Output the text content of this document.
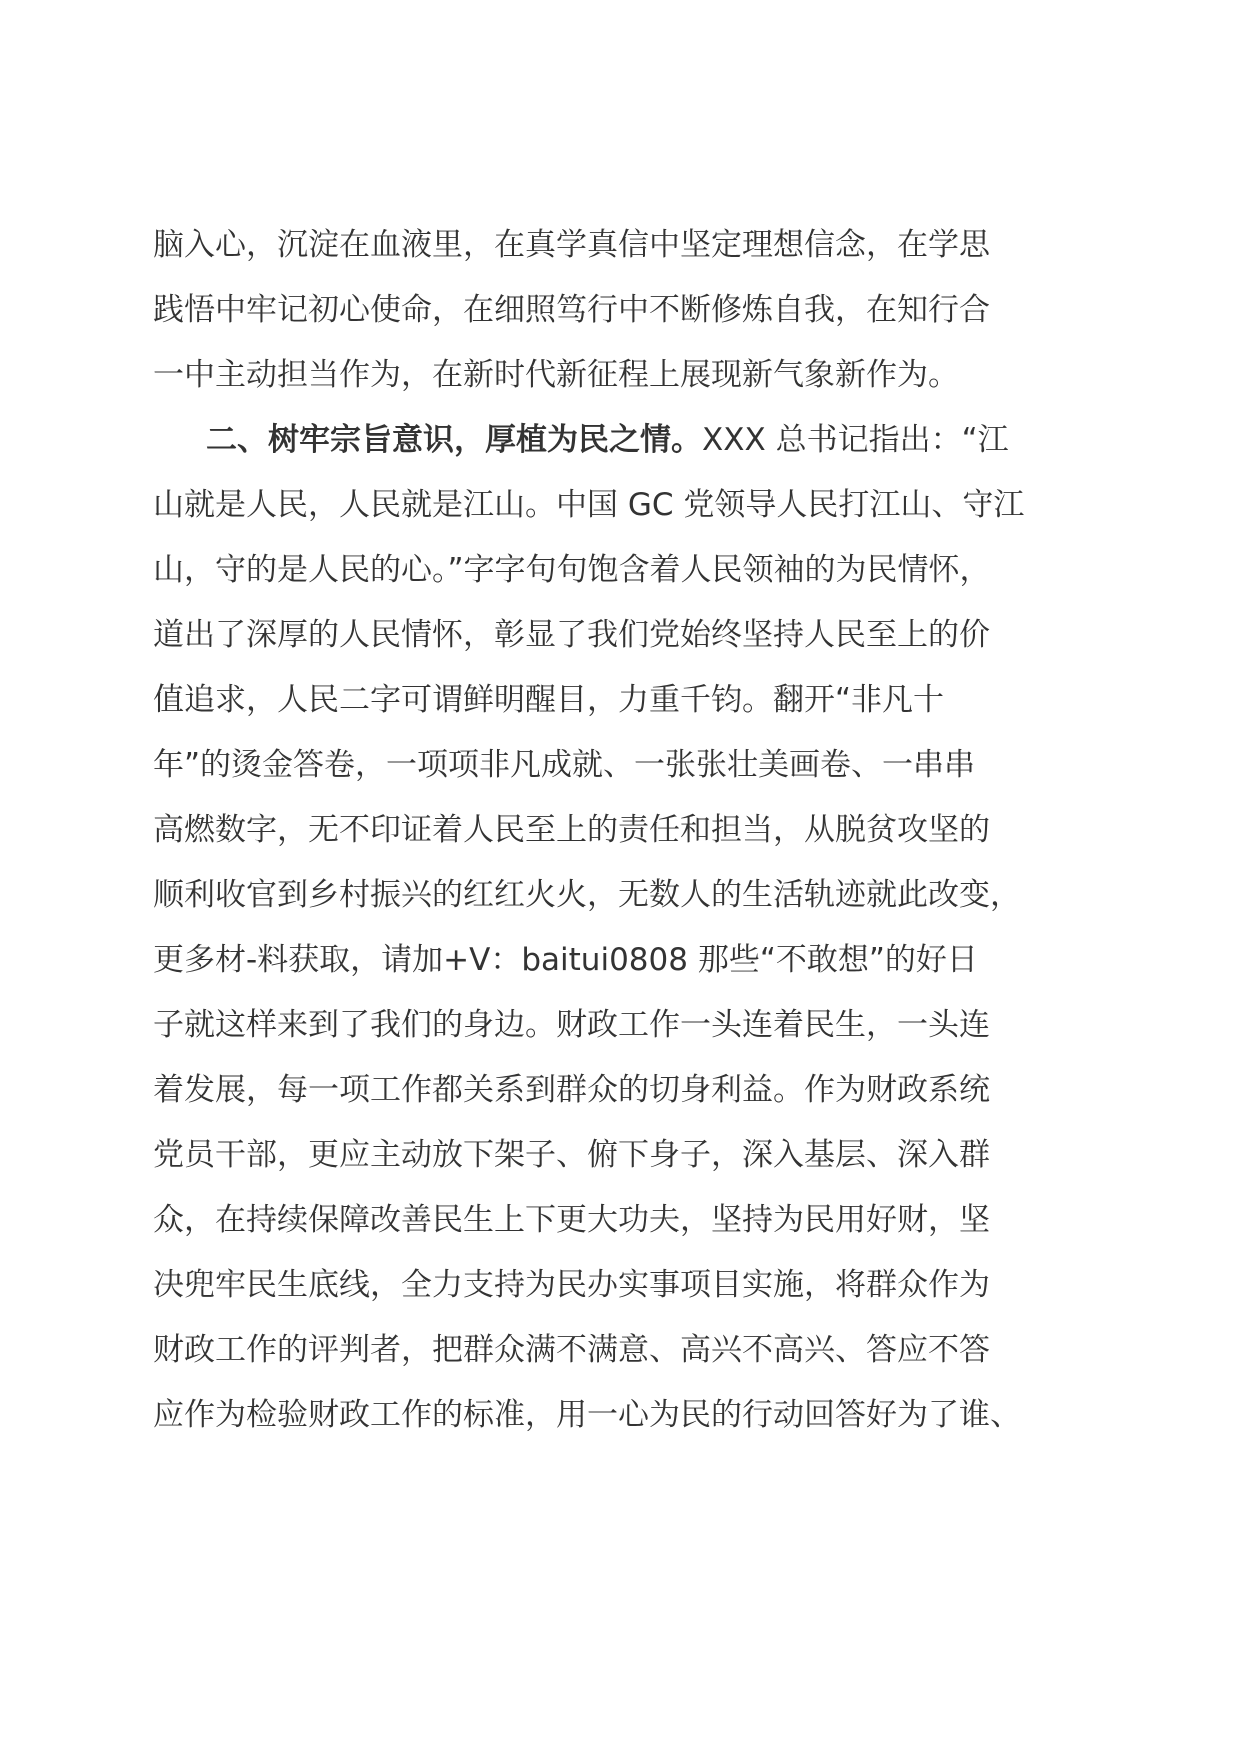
脑入心，沉淀在血液里，在真学真信中坚定理想信念，在学思
践悟中牢记初心使命，在细照笃行中不断修炼自我，在知行合
一中主动担当作为，在新时代新征程上展现新气象新作为。
二、树牢宗旨意识，厚植为民之情。XXX 总书记指出：“江
山就是人民，人民就是江山。中国 GC 党领导人民打江山、守江
山，守的是人民的心。”字字句句饱含着人民领袖的为民情怀，
道出了深厚的人民情怀，彰显了我们党始终坚持人民至上的价
值追求，人民二字可谓鲜明醒目，力重千钧。翻开“非凡十
年”的烫金答卷，一项项非凡成就、一张张壮美画卷、一串串
高燃数字，无不印证着人民至上的责任和担当，从脱贫攻坚的
顺利收官到乡村振兴的红红火火，无数人的生活轨迹就此改变，
更多材-料获取，请加+V：baitui0808 那些“不敢想”的好日
子就这样来到了我们的身边。财政工作一头连着民生，一头连
着发展，每一项工作都关系到群众的切身利益。作为财政系统
党员干部，更应主动放下架子、俯下身子，深入基层、深入群
众，在持续保障改善民生上下更大功夫，坚持为民用好财，坚
决兜牢民生底线，全力支持为民办实事项目实施，将群众作为
财政工作的评判者，把群众满不满意、高兴不高兴、答应不答
应作为检验财政工作的标准，用一心为民的行动回答好为了谁、
